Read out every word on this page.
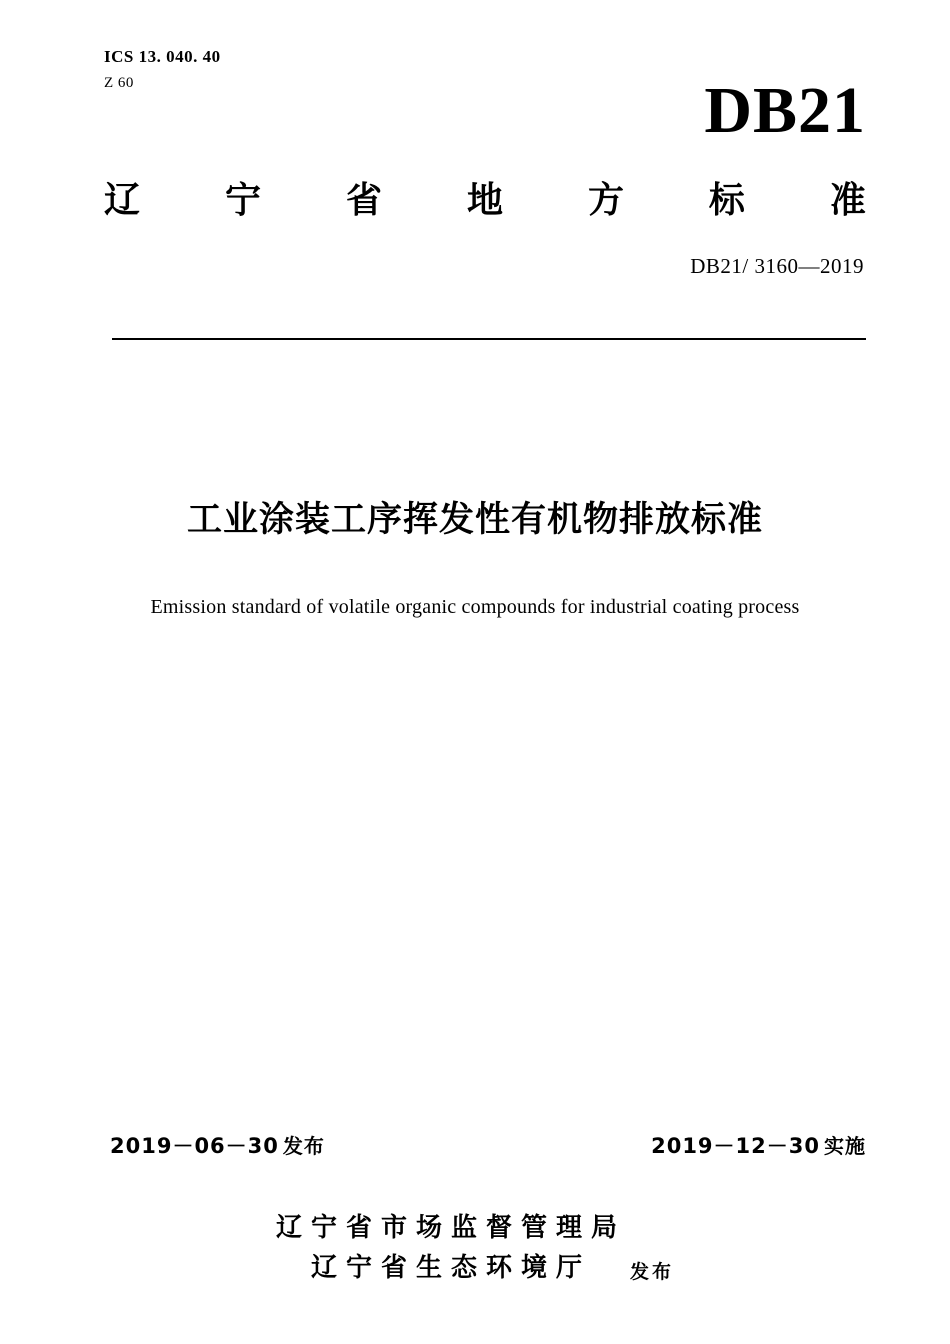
ICS 13. 040. 40
Z 60	DB21
辽 宁 省 地 方 标 准
DB21/ 3160—2019
工业涂装工序挥发性有机物排放标准
Emission standard of volatile organic compounds for industrial coating process
2019－06－30 发布	2019－12－30 实施
辽宁省市场监督管理局
辽宁省生态环境厅	发布
